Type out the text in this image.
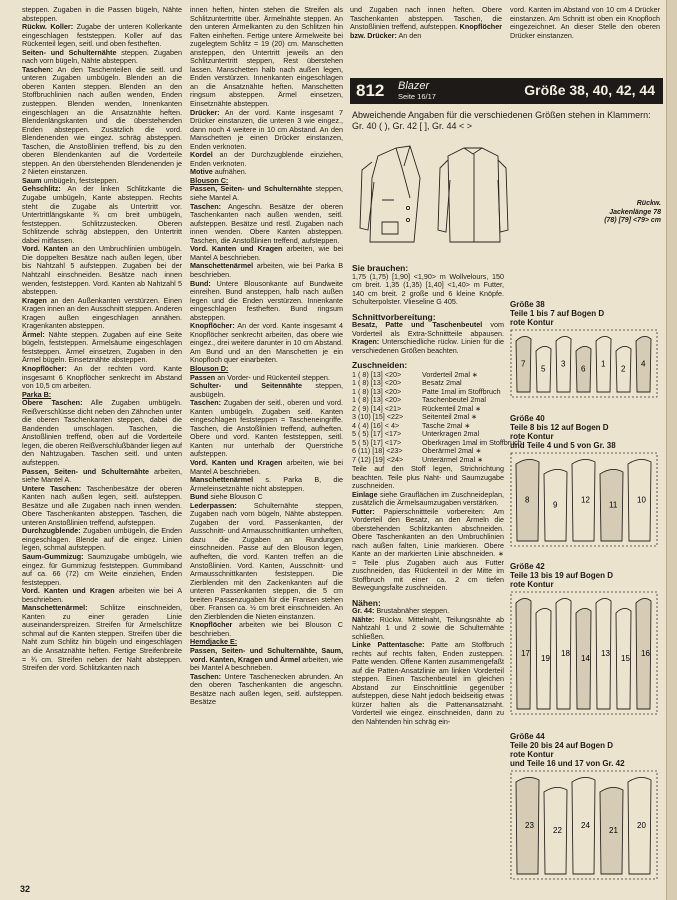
steppen. Zugaben in die Passen bügeln, Nähte absteppen.

Rückw. Koller: Zugabe der unteren Kollerkante eingeschlagen feststeppen. Koller auf das Rückenteil legen, seitl. und oben festheften.

Seiten- und Schulternähte steppen. Zugaben nach vorn bügeln, Nähte absteppen.

Taschen: An den Taschenteilen die seitl. und unteren Zugaben umbügeln. Blenden an die oberen Kanten steppen. Blenden an den Stoffbruchlinien nach außen wenden, Enden zusteppen. Blenden wenden, Innenkanten eingeschlagen an die Ansatznähte heften. Blendenlängskanten und die überstehenden Enden absteppen. Zusätzlich die vord. Blendenenden wie eingez. schräg absteppen. Taschen, die Anstoßlinien treffend, bis zu den oberen Blendenkanten auf die Vorderteile steppen. An den überstehenden Blendenenden je 2 Nieten einstanzen.

Saum umbügeln, feststeppen.

Gehschlitz: An der linken Schlitzkante die Zugabe umbügeln, Kante absteppen. Rechts steht die Zugabe als Untertritt vor. Untertrittlängskante ¾ cm breit umbügeln, feststeppen. Schlitzzustecken. Oberen Schlitzende schräg absteppen, den Untertritt dabei mitfassen.

Vord. Kanten an den Umbruchlinien umbügeln. Die doppelten Besätze nach außen legen, über bis Nahtzahl 5 aufsteppen. Zugaben bei der Nahtzahl einschneiden. Besätze nach innen wenden, feststeppen. Vord. Kanten ab Nahtzahl 5 absteppen.

Kragen an den Außenkanten verstürzen. Einen Kragen innen an den Ausschnitt steppen. Anderen Kragen außen eingeschlagen annähen. Kragenkanten absteppen.

Ärmel: Nähte steppen. Zugaben auf eine Seite bügeln, feststeppen. Ärmelsäume eingeschlagen feststeppen. Ärmel einsetzen, Zugaben in den Ärmel bügeln. Einsetznähte absteppen.

Knopflöcher: An der rechten vord. Kante insgesamt 6 Knopflöcher senkrecht im Abstand von 10,5 cm arbeiten.

Parka B:

Obere Taschen: Alle Zugaben umbügeln. Reißverschlüsse dicht neben den Zähnchen unter die oberen Taschenkanten steppen, dabei die Bandenden umschlagen. Taschen, die Anstoßlinien treffend, oben auf die Vorderteile legen, die oberen Reißverschlußbänder liegen auf den Nahtzugaben. Taschen seitl. und unten aufsteppen.

Passen, Seiten- und Schulternähte arbeiten, siehe Mantel A.

Untere Taschen: Taschenbesätze der oberen Kanten nach außen legen, seitl. aufsteppen. Besätze und alle Zugaben nach innen wenden. Obere Taschenkanten absteppen. Taschen, die unteren Anstoßlinien treffend, aufsteppen.

Durchzugblende: Zugaben umbügeln, die Enden eingeschlagen. Blende auf die eingez. Linien legen, schmal aufsteppen.

Saum-Gummizug: Saumzugabe umbügeln, wie eingez. für Gummizug feststeppen. Gummiband auf ca. 66 (72) cm Weite einziehen, Enden feststeppen.

Vord. Kanten und Kragen arbeiten wie bei A beschrieben.

Manschettenärmel: Schlitze einschneiden, Kanten zu einer geraden Linie auseinanderspreizen. Streifen für Ärmelschlitze schmal auf die Kanten steppen. Streifen über die Naht zum Schlitz hin bügeln und eingeschlagen an die Ansatznähte heften. Fertige Streifenbreite = ¾ cm. Streifen neben der Naht absteppen. Streifen der vord. Schlitzkanten nach

innen heften, hinten stehen die Streifen als Schlitzuntertritte über. Ärmelnähte steppen. An den unteren Ärmelkanten zu den Schlitzen hin Falten einheften. Fertige untere Ärmelweite bei zugelegtem Schlitz = 19 (20) cm. Manschetten ansteppen, den Untertritt jeweils an den Schlitzuntertritt steppen, Rest überstehen lassen. Manschetten halb nach außen legen, Enden verstürzen. Innenkanten eingeschlagen an die Ansatznähte heften. Manschetten ringsum absteppen. Ärmel einsetzen, Einsetznähte absteppen.

Drücker: An der vord. Kante insgesamt 7 Drücker einstanzen, die unteren 3 wie eingez., dann noch 4 weitere in 10 cm Abstand. An den Manschetten je einen Drücker einstanzen, Enden verknoten.

Kordel an der Durchzugblende einziehen, Enden verknoten.

Motive aufnähen.

Blouson C:

Passen, Seiten- und Schulternähte steppen, siehe Mantel A.

Taschen: Angeschn. Besätze der oberen Taschenkanten nach außen wenden, seitl. aufsteppen. Besätze und restl. Zugaben nach innen wenden. Obere Kanten absteppen. Taschen, die Anstoßlinien treffend, aufsteppen.

Vord. Kanten und Kragen arbeiten, wie bei Mantel A beschrieben.

Manschettenärmel arbeiten, wie bei Parka B beschrieben.

Bund: Untere Blousonkante auf Bundweite einreihen. Bund ansteppen, halb nach außen legen und die Enden verstürzen. Innenkante eingeschlagen festheften. Bund ringsum absteppen.

Knopflöcher: An der vord. Kante insgesamt 4 Knopflöcher senkrecht arbeiten, das obere wie eingez., drei weitere darunter in 10 cm Abstand. Am Bund und an den Manschetten je ein Knopfloch quer einarbeiten.

Blouson D:

Passen an Vorder- und Rückenteil steppen.

Schulter- und Seitennähte steppen, ausbügeln.

Taschen: Zugaben der seitl., oberen und vord. Kanten umbügeln. Zugaben seitl. Kanten eingeschlagen feststeppen = Tascheneingriffe. Taschen, die Anstoßlinien treffend, aufheften. Obere und vord. Kanten feststeppen, seitl. Kanten nur unterhalb der Querstriche aufsteppen.

Vord. Kanten und Kragen arbeiten, wie bei Mantel A beschrieben.

Manschettenärmel s. Parka B, die Ärmeleinsetznähte nicht absteppen.

Bund siehe Blouson C

Lederpassen: Schulternähte steppen, Zugaben nach vorn bügeln, Nähte absteppen. Zugaben der vord. Passenkanten, der Ausschnitt- und Armausschnittkanten umheften, dazu die Zugaben an Rundungen einschneiden. Passe auf den Blouson legen, aufheften, die vord. Kanten treffen an die Anstoßlinien. Vord. Kanten, Ausschnitt- und Armausschnittkanten feststeppen. Die Zierblenden mit den Zackenkanten auf die unteren Passenkanten steppen, die 5 cm breiten Passenzugaben für die Fransen stehen über. Fransen ca. ½ cm breit einschneiden. An den Zierblenden die Nieten einstanzen.

Knopflöcher arbeiten wie bei Blouson C beschrieben.

Hemdjacke E:

Passen, Seiten- und Schulternähte, Saum, vord. Kanten, Kragen und Ärmel arbeiten, wie bei Mantel A beschrieben.

Taschen: Untere Taschenecken abrunden. An den oberen Taschenkanten die angeschn. Besätze nach außen legen, seitl. aufsteppen. Besätze

und Zugaben nach innen heften. Obere Taschenkanten absteppen. Taschen, die Anstoßlinien treffend, aufsteppen. Knopflöcher bzw. Drücker: An den

vord. Kanten im Abstand von 10 cm 4 Drücker einstanzen. Am Schnitt ist oben ein Knopfloch eingezeichnet. An dieser Stelle den oberen Drücker einstanzen.

812 Blazer
Seite 16/17	Größe 38, 40, 42, 44

Abweichende Angaben für die verschiedenen Größen stehen in Klammern: Gr. 40 ( ), Gr. 42 [ ], Gr. 44 < >

Rückw. Jackenlänge 78 (78) [79] <79> cm

Sie brauchen:

1,75 (1,75) [1,90] <1,90> m Wollvelours, 150 cm breit. 1,35 (1,35) [1,40] <1,40> m Futter, 140 cm breit. 2 große und 6 kleine Knöpfe. Schulterpolster. Vlieseline G 405.

Schnittvorbereitung:

Besatz, Patte und Taschenbeutel vom Vorderteil als Extra-Schnittteile abpausen. Kragen: Unterschiedliche rückw. Linien für die verschiedenen Größen beachten.

Zuschneiden:

1 ( 8) [13] <20>	Vorderteil 2mal ∗
1 ( 8) [13] <20>	Besatz 2mal
1 ( 8) [13] <20>	Patte 1mal im Stoffbruch
1 ( 8) [13] <20>	Taschenbeutel 2mal
2 ( 9) [14] <21>	Rückenteil 2mal ∗
3 (10) [15] <22>	Seitenteil 2mal ∗
4 ( 4) [16] < 4>	Tasche 2mal ∗
5 ( 5) [17] <17>	Unterkragen 2mal
5 ( 5) [17] <17>	Oberkragen 1mal im Stoffbruch
6 (11) [18] <23>	Oberärmel 2mal ∗
7 (12) [19] <24>	Unterärmel 2mal ∗

Teile auf den Stoff legen, Strichrichtung beachten. Teile plus Naht- und Saumzugabe zuschneiden.

Einlage siehe Grauflächen im Zuschneideplan, zusätzlich die Ärmelsaumzugaben verstärken.

Futter: Papierschnittteile vorbereiten: Am Vorderteil den Besatz, an den Ärmeln die überstehenden Schlitzkanten abschneiden. Obere Taschenkanten an den Umbruchlinien nach außen falten, Linie markieren. Obere Kante an der markierten Linie abschneiden. ∗ = Teile plus Zugaben auch aus Futter zuschneiden, das Rückenteil in der Mitte im Stoffbruch mit einer ca. 2 cm tiefen Bewegungsfalte zuschneiden.

Nähen:

Gr. 44: Brustabnäher steppen.

Nähte: Rückw. Mittelnaht, Teilungsnähte ab Nahtzahl 1 und 2 sowie die Schulternähte schließen.

Linke Pattentasche: Patte am Stoffbruch rechts auf rechts falten, Enden zusteppen. Patte wenden. Offene Kanten zusammengefaßt auf die Patten-Ansatzlinie am linken Vorderteil steppen. Einen Taschenbeutel im gleichen Abstand zur Einschnittlinie gegenüber aufsteppen, diese Naht jedoch beidseitig etwas kürzer halten als die Pattenansatznaht. Vorderteil wie eingez. einschneiden, dann zu den Nahtenden hin schräg ein-

Größe 38

Teile 1 bis 7 auf Bogen D

rote Kontur

7
5
3
6
1
2
4

Größe 40

Teile 8 bis 12 auf Bogen D

rote Kontur

und Teile 4 und 5 von Gr. 38

8
9
12
11
10

Größe 42

Teile 13 bis 19 auf Bogen D

rote Kontur

17
19
18
14
13
15
16

Größe 44

Teile 20 bis 24 auf Bogen D

rote Kontur

und Teile 16 und 17 von Gr. 42

23
22
24
21
20
32
